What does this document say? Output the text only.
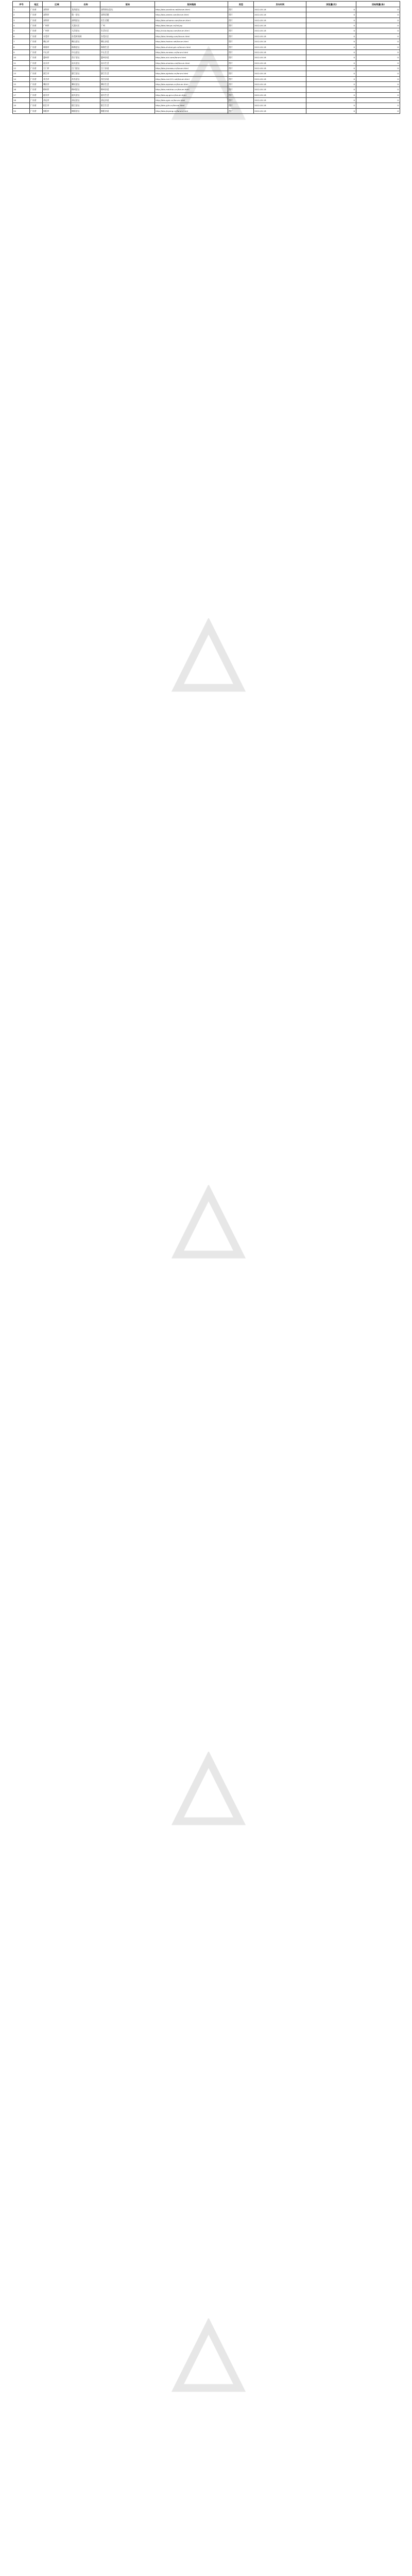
序号	地区	区域	名称	版块	版块链接	类型	发布时间	浏览量(次)	回帖数量(条)
1	广东省	深圳市	龙岗论坛	深圳网友论坛	http://bbs.szonline.net/forum.html	图片	2012-05-18	0	0
2	广东省	深圳市	奥一论坛	深圳话题	http://bbs.oeeee.com/forum.html	图片	2012-05-18	0	0
3	广东省	深圳市	深圳论坛	民生话题	http://bbs.szhome.com/forum.html	图片	2012-05-18	0	0
4	广东省	广州市	天涯社区	广州	http://bbs.tianya.cn/list.jsp	图片	2012-05-18	0	0
5	广东省	广州市	大洋论坛	生活社区	http://club.dayoo.com/forum.html	图片	2012-05-18	0	0
6	广东省	东莞市	东莞时间网	东莞社区	http://bbs.timedg.com/forum.html	图片	2012-05-18	0	0
7	广东省	佛山市	佛山论坛	佛山杂谈	http://bbs.foshan.net/forum.html	图片	2012-05-18	0	0
8	广东省	珠海市	珠海论坛	珠海生活	http://bbs.zhuhai.gd.cn/forum.html	图片	2012-05-18	0	0
9	广东省	中山市	中山论坛	中山生活	http://bbs.zsnews.cn/forum.html	图片	2012-05-18	0	0
10	广东省	惠州市	西子论坛	惠州杂谈	http://bbs.xizi.com/forum.html	图片	2012-05-18	0	0
11	广东省	汕头市	汕头论坛	汕头生活	http://bbs.shantou.net/forum.html	图片	2012-05-18	0	0
12	广东省	江门市	江门论坛	江门杂谈	http://bbs.jmnews.cn/forum.html	图片	2012-05-18	0	0
13	广东省	湛江市	湛江论坛	湛江生活	http://bbs.zjphoto.cn/forum.html	图片	2012-05-18	0	0
14	广东省	茂名市	茂名论坛	茂名杂谈	http://bbs.mm111.net/forum.html	图片	2012-05-18	0	0
15	广东省	肇庆市	肇庆论坛	肇庆生活	http://bbs.zqnews.cn/forum.html	图片	2012-05-18	0	0
16	广东省	梅州市	梅州论坛	梅州杂谈	http://bbs.meizhou.cn/forum.html	图片	2012-05-18	0	0
17	广东省	韶关市	韶关论坛	韶关生活	http://bbs.sg.gd.cn/forum.html	图片	2012-05-18	0	0
18	广东省	清远市	清远论坛	清远杂谈	http://bbs.qyer.cn/forum.html	图片	2012-05-18	0	0
19	广东省	阳江市	阳江论坛	阳江生活	http://bbs.yjrb.cn/forum.html	图片	2012-05-18	0	0
20	广东省	揭阳市	揭阳论坛	揭阳杂谈	http://bbs.jieyang.cn/forum.html	图片	2012-05-18	0	0
